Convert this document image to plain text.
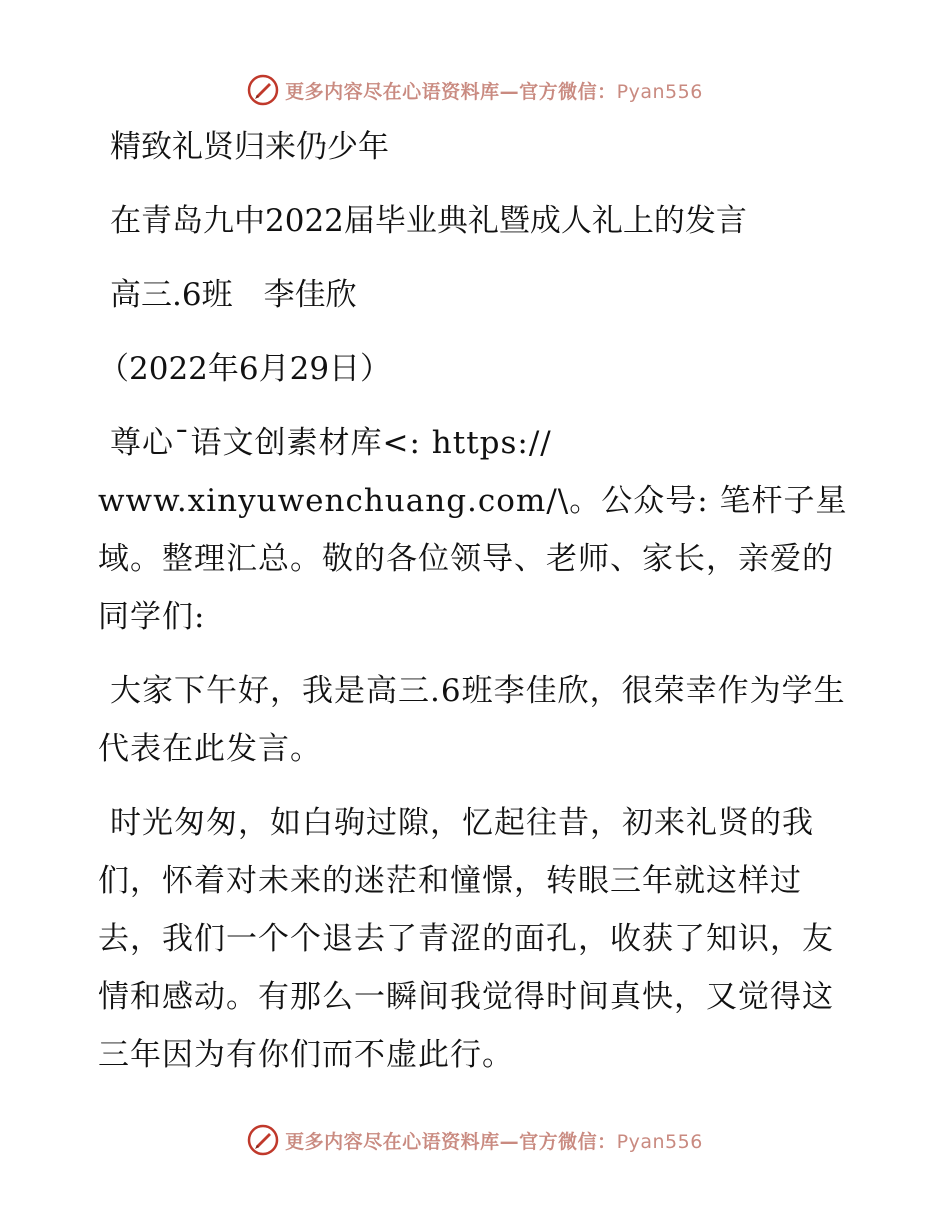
更多内容尽在心语资料库—官方微信：Pyan556

精致礼贤归来仍少年

在青岛九中2022届毕业典礼暨成人礼上的发言

高三.6班　李佳欣

（2022年6月29日）

尊心¯语文创素材库<: https:// www.xinyuwenchuang.com/\。公众号: 笔杆子星域。整理汇总。敬的各位领导、老师、家长，亲爱的同学们:

大家下午好，我是高三.6班李佳欣，很荣幸作为学生代表在此发言。

时光匆匆，如白驹过隙，忆起往昔，初来礼贤的我们，怀着对未来的迷茫和憧憬，转眼三年就这样过去，我们一个个退去了青涩的面孔，收获了知识，友情和感动。有那么一瞬间我觉得时间真快，又觉得这三年因为有你们而不虚此行。

更多内容尽在心语资料库—官方微信：Pyan556
